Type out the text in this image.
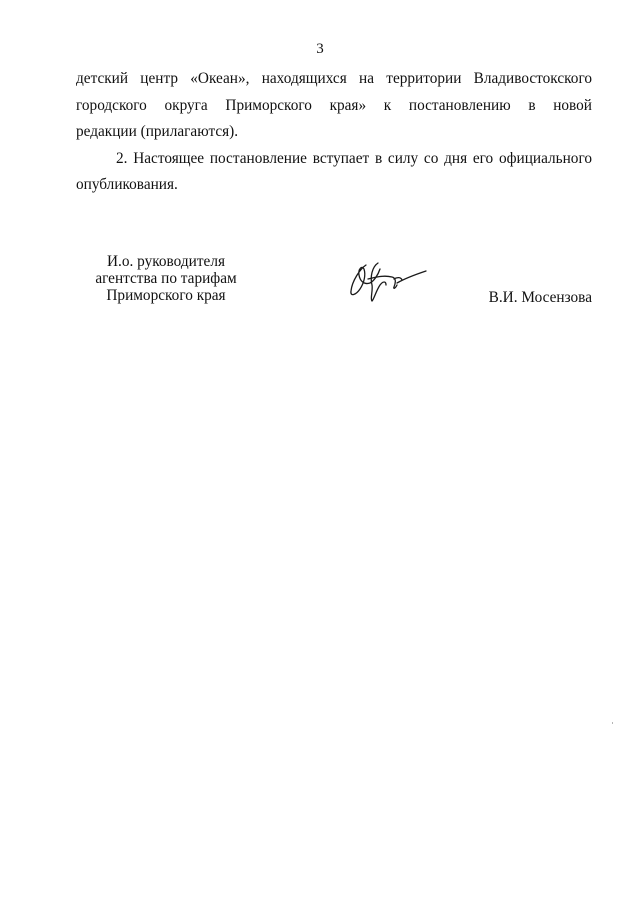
3

детский центр «Океан», находящихся на территории Владивостокского
городского округа Приморского края» к постановлению в новой
редакции (прилагаются).

2. Настоящее постановление вступает в силу со дня его официального
опубликования.

И.о. руководителя
агентства по тарифам
Приморского края	В.И. Мосензова
